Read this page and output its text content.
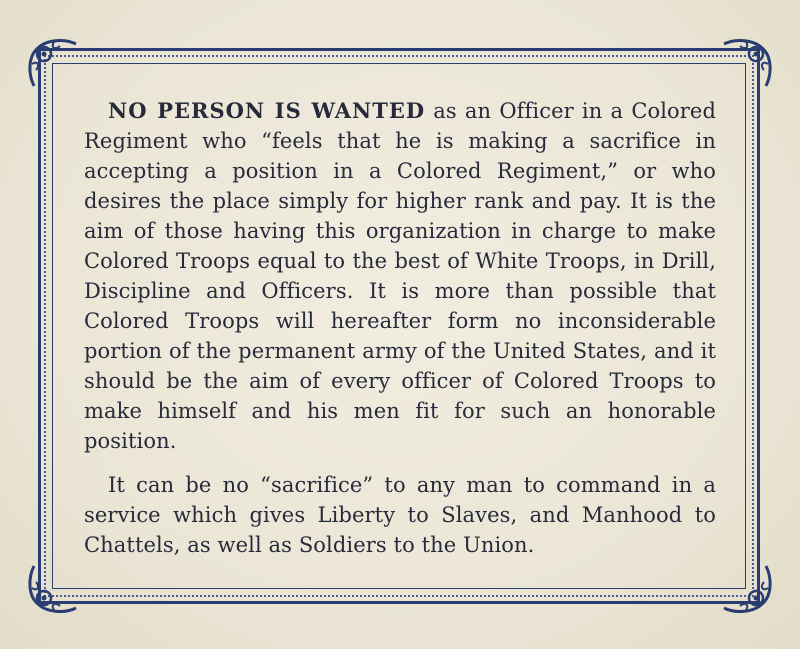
NO PERSON IS WANTED as an Officer in a Colored Regiment who “feels that he is making a sacrifice in accepting a position in a Colored Regiment,” or who desires the place simply for higher rank and pay. It is the aim of those having this organization in charge to make Colored Troops equal to the best of White Troops, in Drill, Discipline and Officers. It is more than possible that Colored Troops will hereafter form no inconsiderable portion of the permanent army of the United States, and it should be the aim of every officer of Colored Troops to make himself and his men fit for such an honorable position.

It can be no “sacrifice” to any man to command in a service which gives Liberty to Slaves, and Manhood to Chattels, as well as Soldiers to the Union.
